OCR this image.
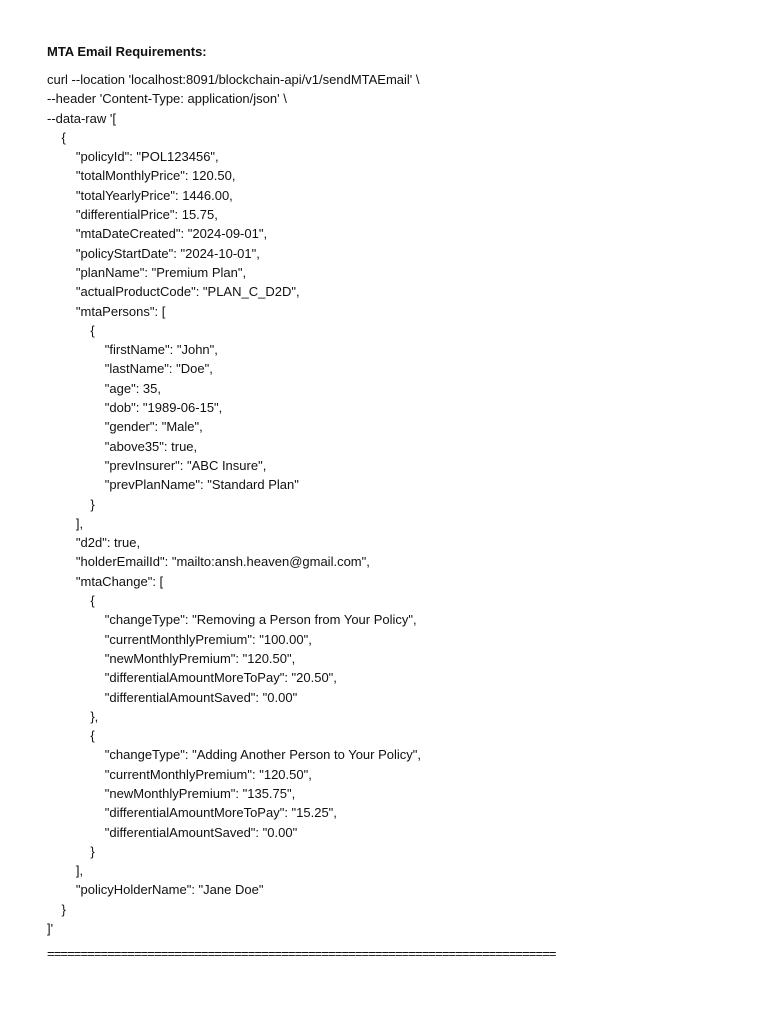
MTA Email Requirements:
curl --location 'localhost:8091/blockchain-api/v1/sendMTAEmail' \
--header 'Content-Type: application/json' \
--data-raw '[
{
"policyId": "POL123456",
"totalMonthlyPrice": 120.50,
"totalYearlyPrice": 1446.00,
"differentialPrice": 15.75,
"mtaDateCreated": "2024-09-01",
"policyStartDate": "2024-10-01",
"planName": "Premium Plan",
"actualProductCode": "PLAN_C_D2D",
"mtaPersons": [
{
"firstName": "John",
"lastName": "Doe",
"age": 35,
"dob": "1989-06-15",
"gender": "Male",
"above35": true,
"prevInsurer": "ABC Insure",
"prevPlanName": "Standard Plan"
}
],
"d2d": true,
"holderEmailId": "mailto:ansh.heaven@gmail.com",
"mtaChange": [
{
"changeType": "Removing a Person from Your Policy",
"currentMonthlyPremium": "100.00",
"newMonthlyPremium": "120.50",
"differentialAmountMoreToPay": "20.50",
"differentialAmountSaved": "0.00"
},
{
"changeType": "Adding Another Person to Your Policy",
"currentMonthlyPremium": "120.50",
"newMonthlyPremium": "135.75",
"differentialAmountMoreToPay": "15.25",
"differentialAmountSaved": "0.00"
}
],
"policyHolderName": "Jane Doe"
}
]'
============================================================================
